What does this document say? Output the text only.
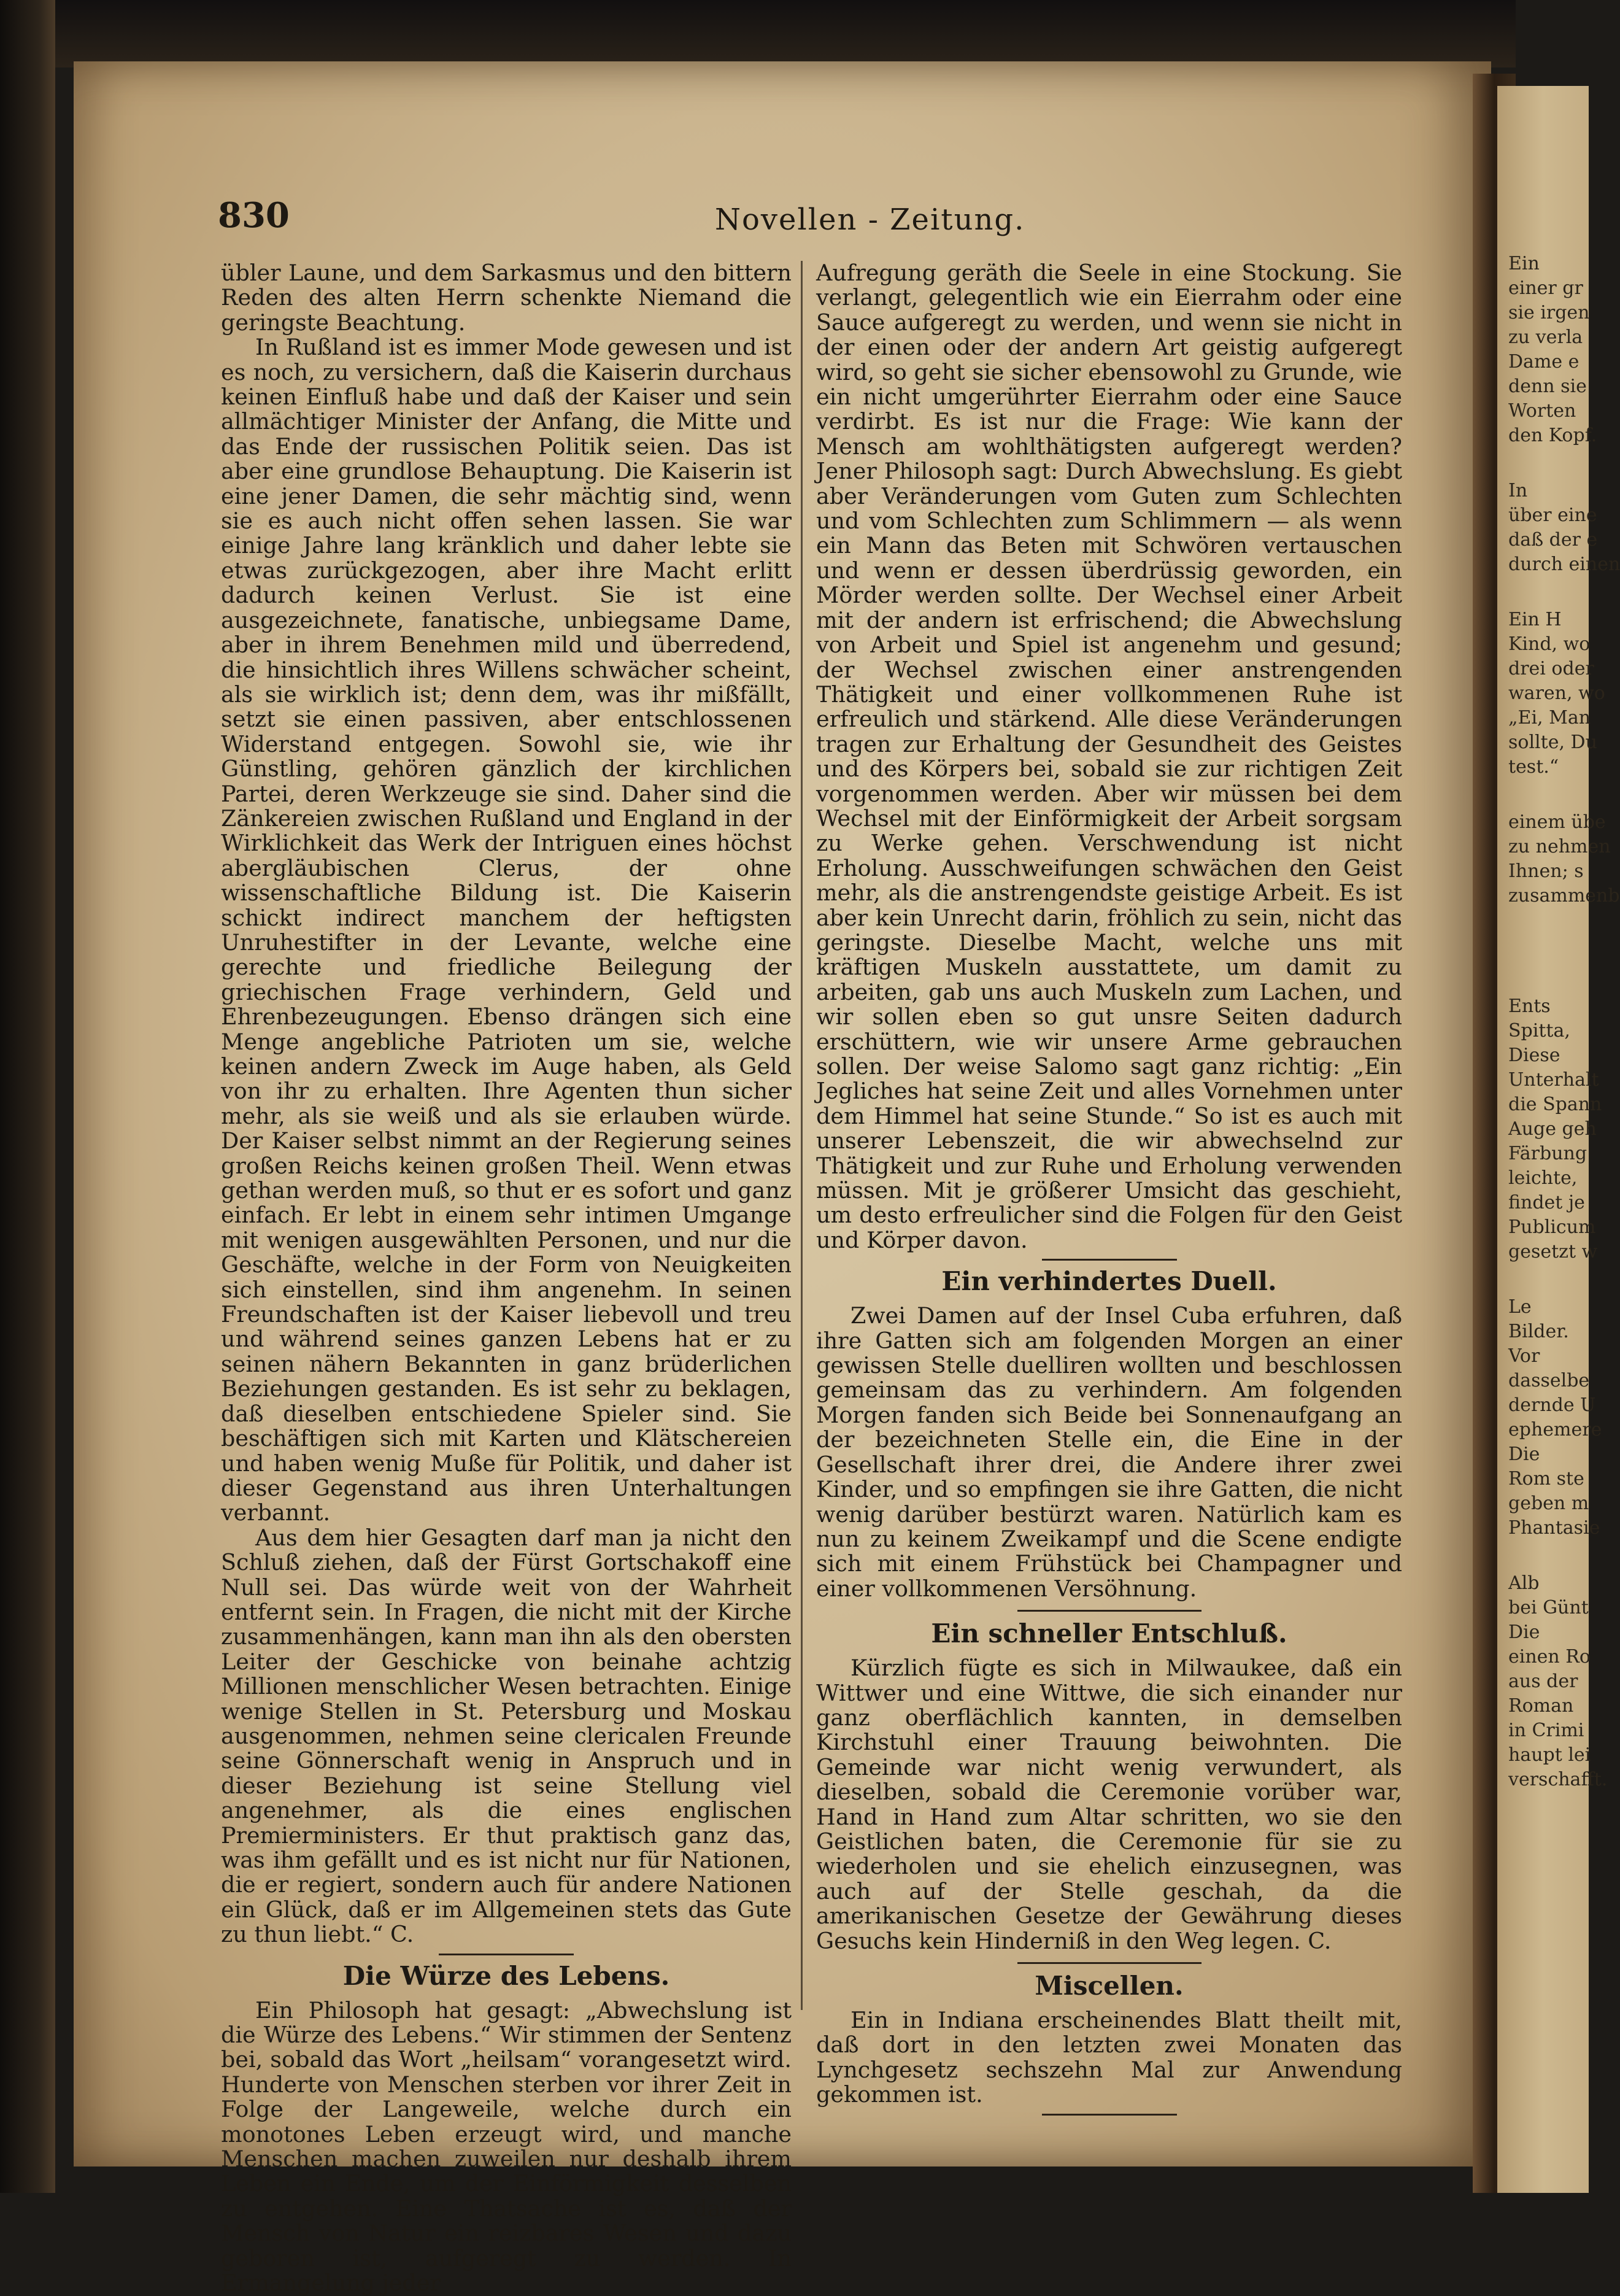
830	Novellen - Zeitung.

übler Laune, und dem Sarkasmus und den bittern Reden des alten Herrn schenkte Niemand die geringste Beachtung.

In Rußland ist es immer Mode gewesen und ist es noch, zu versichern, daß die Kaiserin durchaus keinen Einfluß habe und daß der Kaiser und sein allmächtiger Minister der Anfang, die Mitte und das Ende der russischen Politik seien. Das ist aber eine grundlose Behauptung. Die Kaiserin ist eine jener Damen, die sehr mächtig sind, wenn sie es auch nicht offen sehen lassen. Sie war einige Jahre lang kränklich und daher lebte sie etwas zurückgezogen, aber ihre Macht erlitt dadurch keinen Verlust. Sie ist eine ausgezeichnete, fanatische, unbiegsame Dame, aber in ihrem Benehmen mild und überredend, die hinsichtlich ihres Willens schwächer scheint, als sie wirklich ist; denn dem, was ihr mißfällt, setzt sie einen passiven, aber entschlossenen Widerstand entgegen. Sowohl sie, wie ihr Günstling, gehören gänzlich der kirchlichen Partei, deren Werkzeuge sie sind. Daher sind die Zänkereien zwischen Rußland und England in der Wirklichkeit das Werk der Intriguen eines höchst abergläubischen Clerus, der ohne wissenschaftliche Bildung ist. Die Kaiserin schickt indirect manchem der heftigsten Unruhestifter in der Levante, welche eine gerechte und friedliche Beilegung der griechischen Frage verhindern, Geld und Ehrenbezeugungen. Ebenso drängen sich eine Menge angebliche Patrioten um sie, welche keinen andern Zweck im Auge haben, als Geld von ihr zu erhalten. Ihre Agenten thun sicher mehr, als sie weiß und als sie erlauben würde. Der Kaiser selbst nimmt an der Regierung seines großen Reichs keinen großen Theil. Wenn etwas gethan werden muß, so thut er es sofort und ganz einfach. Er lebt in einem sehr intimen Umgange mit wenigen ausgewählten Personen, und nur die Geschäfte, welche in der Form von Neuigkeiten sich einstellen, sind ihm angenehm. In seinen Freundschaften ist der Kaiser liebevoll und treu und während seines ganzen Lebens hat er zu seinen nähern Bekannten in ganz brüderlichen Beziehungen gestanden. Es ist sehr zu beklagen, daß dieselben entschiedene Spieler sind. Sie beschäftigen sich mit Karten und Klätschereien und haben wenig Muße für Politik, und daher ist dieser Gegenstand aus ihren Unterhaltungen verbannt.

Aus dem hier Gesagten darf man ja nicht den Schluß ziehen, daß der Fürst Gortschakoff eine Null sei. Das würde weit von der Wahrheit entfernt sein. In Fragen, die nicht mit der Kirche zusammenhängen, kann man ihn als den obersten Leiter der Geschicke von beinahe achtzig Millionen menschlicher Wesen betrachten. Einige wenige Stellen in St. Petersburg und Moskau ausgenommen, nehmen seine clericalen Freunde seine Gönnerschaft wenig in Anspruch und in dieser Beziehung ist seine Stellung viel angenehmer, als die eines englischen Premierministers. Er thut praktisch ganz das, was ihm gefällt und es ist nicht nur für Nationen, die er regiert, sondern auch für andere Nationen ein Glück, daß er im Allgemeinen stets das Gute zu thun liebt.“ C.

Die Würze des Lebens.

Ein Philosoph hat gesagt: „Abwechslung ist die Würze des Lebens.“ Wir stimmen der Sentenz bei, sobald das Wort „heilsam“ vorangesetzt wird. Hunderte von Menschen sterben vor ihrer Zeit in Folge der Langeweile, welche durch ein monotones Leben erzeugt wird, und manche Menschen machen zuweilen nur deshalb ihrem Leben ein Ende, um der Einförmigkeit desselben zu entgehen. Eine Thatsache ist es, daß der Mensch von Natur ein reizbares Wesen und dazu geboren ist, aufgeregt zu werden. In Ermangelung jeder

Aufregung geräth die Seele in eine Stockung. Sie verlangt, gelegentlich wie ein Eierrahm oder eine Sauce aufgeregt zu werden, und wenn sie nicht in der einen oder der andern Art geistig aufgeregt wird, so geht sie sicher ebensowohl zu Grunde, wie ein nicht umgerührter Eierrahm oder eine Sauce verdirbt. Es ist nur die Frage: Wie kann der Mensch am wohlthätigsten aufgeregt werden? Jener Philosoph sagt: Durch Abwechslung. Es giebt aber Veränderungen vom Guten zum Schlechten und vom Schlechten zum Schlimmern — als wenn ein Mann das Beten mit Schwören vertauschen und wenn er dessen überdrüssig geworden, ein Mörder werden sollte. Der Wechsel einer Arbeit mit der andern ist erfrischend; die Abwechslung von Arbeit und Spiel ist angenehm und gesund; der Wechsel zwischen einer anstrengenden Thätigkeit und einer vollkommenen Ruhe ist erfreulich und stärkend. Alle diese Veränderungen tragen zur Erhaltung der Gesundheit des Geistes und des Körpers bei, sobald sie zur richtigen Zeit vorgenommen werden. Aber wir müssen bei dem Wechsel mit der Einförmigkeit der Arbeit sorgsam zu Werke gehen. Verschwendung ist nicht Erholung. Ausschweifungen schwächen den Geist mehr, als die anstrengendste geistige Arbeit. Es ist aber kein Unrecht darin, fröhlich zu sein, nicht das geringste. Dieselbe Macht, welche uns mit kräftigen Muskeln ausstattete, um damit zu arbeiten, gab uns auch Muskeln zum Lachen, und wir sollen eben so gut unsre Seiten dadurch erschüttern, wie wir unsere Arme gebrauchen sollen. Der weise Salomo sagt ganz richtig: „Ein Jegliches hat seine Zeit und alles Vornehmen unter dem Himmel hat seine Stunde.“ So ist es auch mit unserer Lebenszeit, die wir abwechselnd zur Thätigkeit und zur Ruhe und Erholung verwenden müssen. Mit je größerer Umsicht das geschieht, um desto erfreulicher sind die Folgen für den Geist und Körper davon.

Ein verhindertes Duell.

Zwei Damen auf der Insel Cuba erfuhren, daß ihre Gatten sich am folgenden Morgen an einer gewissen Stelle duelliren wollten und beschlossen gemeinsam das zu verhindern. Am folgenden Morgen fanden sich Beide bei Sonnenaufgang an der bezeichneten Stelle ein, die Eine in der Gesellschaft ihrer drei, die Andere ihrer zwei Kinder, und so empfingen sie ihre Gatten, die nicht wenig darüber bestürzt waren. Natürlich kam es nun zu keinem Zweikampf und die Scene endigte sich mit einem Frühstück bei Champagner und einer vollkommenen Versöhnung.

Ein schneller Entschluß.

Kürzlich fügte es sich in Milwaukee, daß ein Wittwer und eine Wittwe, die sich einander nur ganz oberflächlich kannten, in demselben Kirchstuhl einer Trauung beiwohnten. Die Gemeinde war nicht wenig verwundert, als dieselben, sobald die Ceremonie vorüber war, Hand in Hand zum Altar schritten, wo sie den Geistlichen baten, die Ceremonie für sie zu wiederholen und sie ehelich einzusegnen, was auch auf der Stelle geschah, da die amerikanischen Gesetze der Gewährung dieses Gesuchs kein Hinderniß in den Weg legen. C.

Miscellen.

Ein in Indiana erscheinendes Blatt theilt mit, daß dort in den letzten zwei Monaten das Lynchgesetz sechszehn Mal zur Anwendung gekommen ist.

Ein
einer gr
sie irgen
zu verla
Dame e
denn sie
Worten
den Kopf.
In
über eine
daß der e
durch einen
Ein H
Kind, wo
drei oder
waren, wo
„Ei, Man
sollte, Du
test.“
einem übe
zu nehmen
Ihnen; s
zusammenb
Ents
Spitta,
Diese
Unterhalt
die Spann
Auge geh
Färbung
leichte,
findet je
Publicum
gesetzt w
Le
Bilder.
Vor
dasselbe
dernde U
ephemere
Die
Rom ste
geben m
Phantasie
Alb
bei Günt
Die
einen Ro
aus der
Roman
in Crimi
haupt lei
verschafft.
